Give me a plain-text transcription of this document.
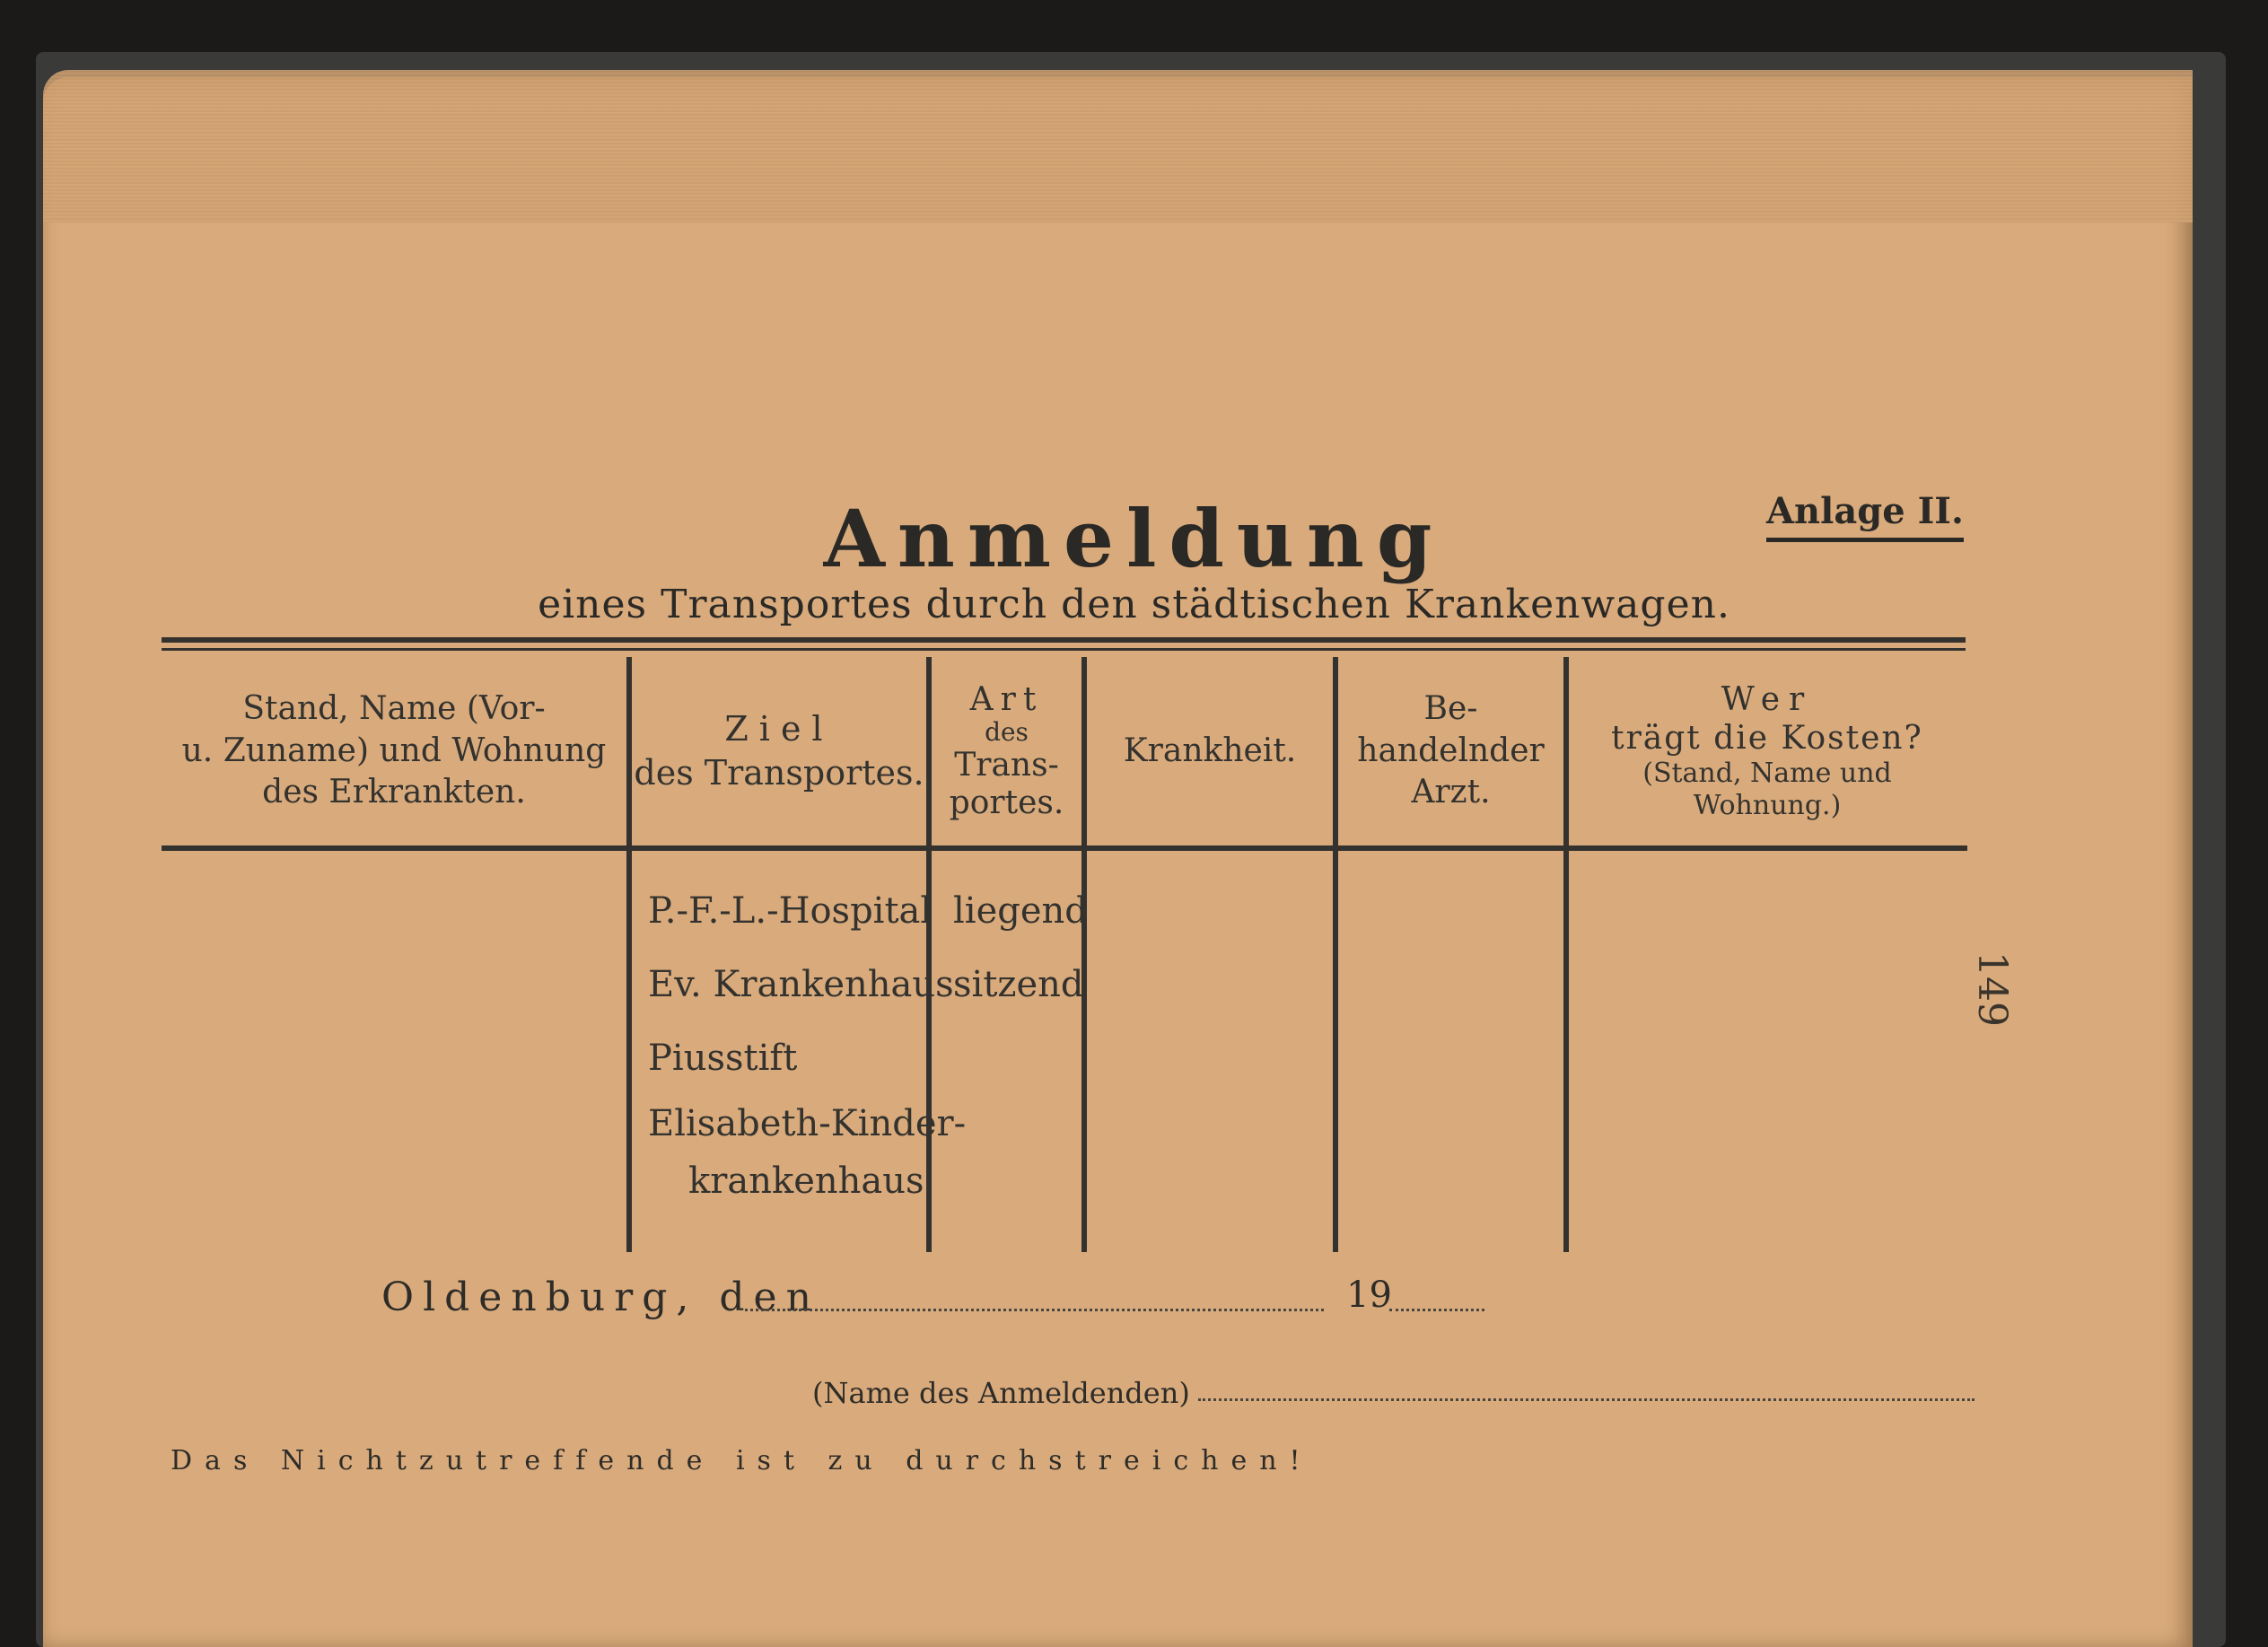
Anmeldung	Anlage II.
eines Transportes durch den städtischen Krankenwagen.
Stand, Name (Vor-
u. Zuname) und Wohnung
des Erkrankten.
Ziel
des Transportes.
Art
des
Trans-
portes.
Krankheit.
Be-
handelnder
Arzt.
Wer
trägt die Kosten?
(Stand, Name und
Wohnung.)
P.-F.-L.-Hospital
Ev. Krankenhaus
Piusstift
Elisabeth-Kinder-
krankenhaus
liegend
sitzend
Oldenburg, den	19
(Name des Anmeldenden)
Das Nichtzutreffende ist zu durchstreichen!
149
